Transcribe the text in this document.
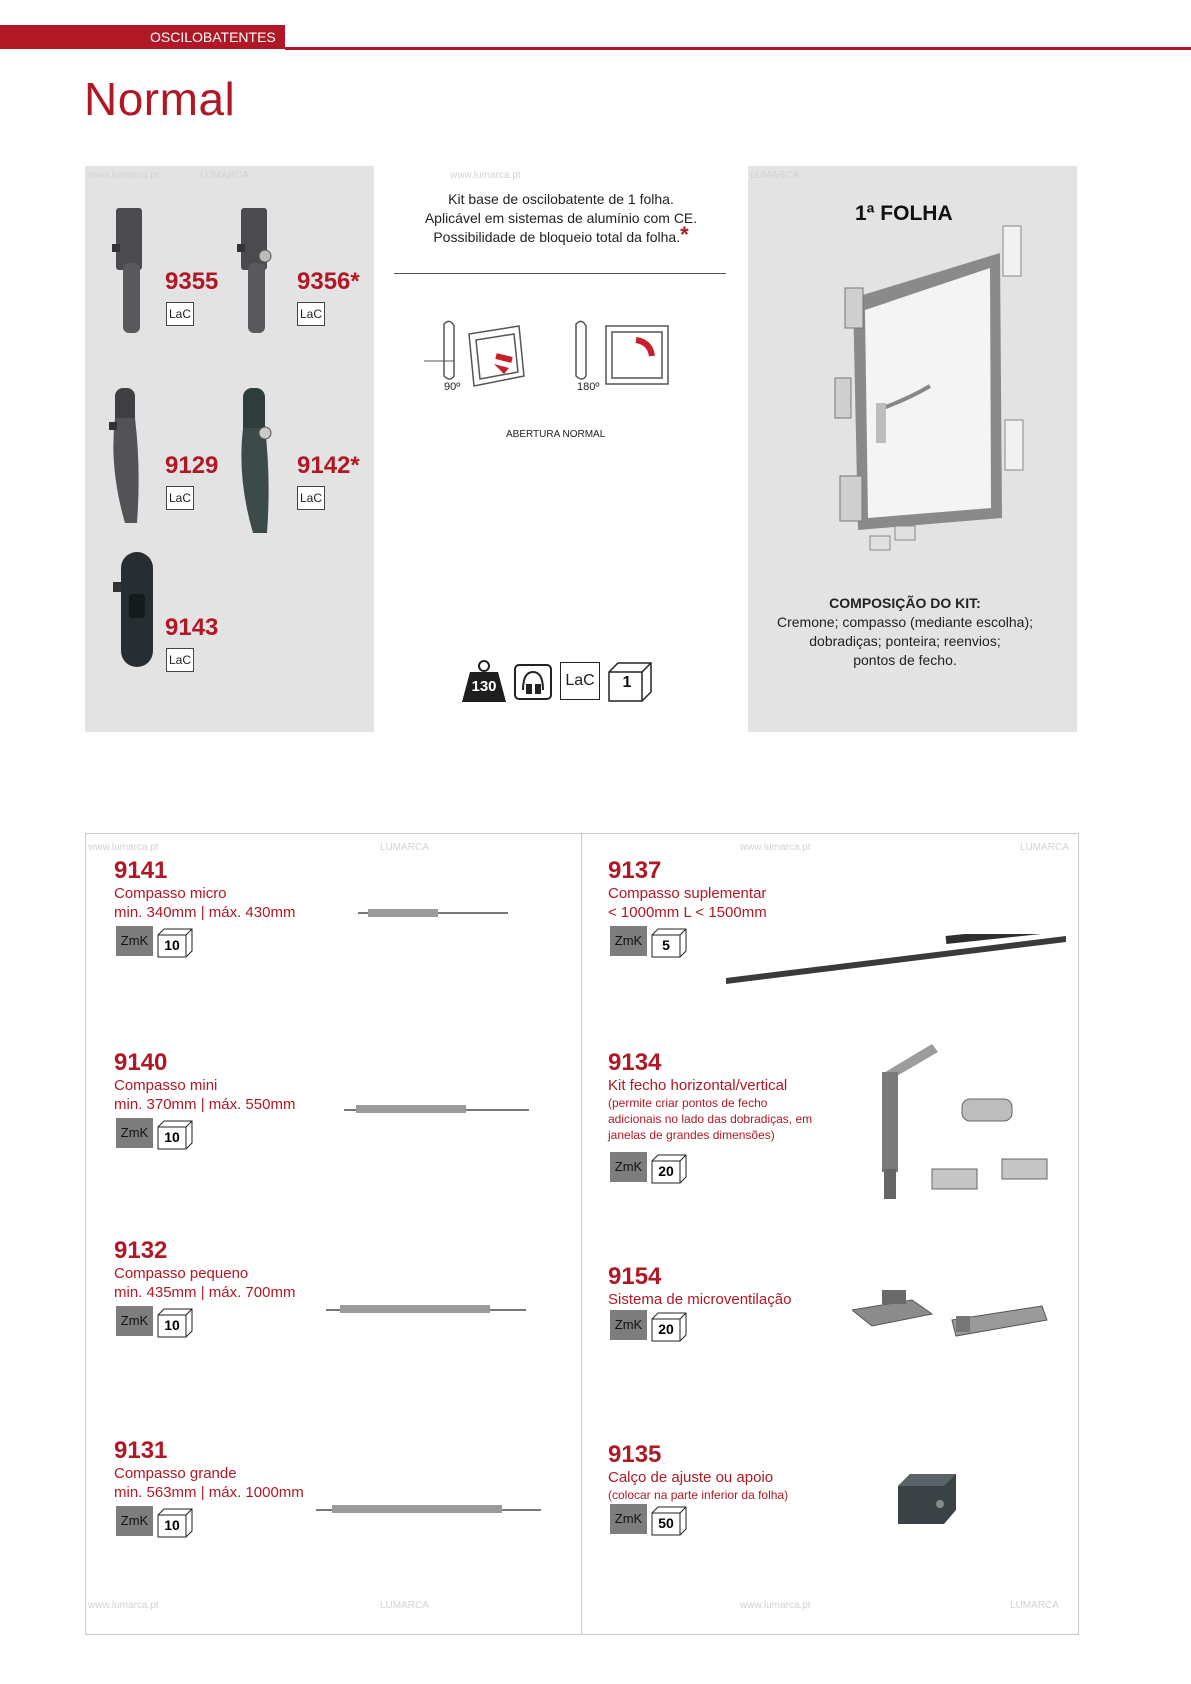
OSCILOBATENTES
Normal
9355
LaC
9356*
LaC
9129
LaC
9142*
LaC
9143
LaC
Kit base de oscilobatente de 1 folha.
Aplicável em sistemas de alumínio com CE.
Possibilidade de bloqueio total da folha.*
90º	180º
ABERTURA NORMAL
130	LaC	1
1ª FOLHA
COMPOSIÇÃO DO KIT:
Cremone; compasso (mediante escolha);
dobradiças; ponteira; reenvios;
pontos de fecho.
9141
Compasso micro
min. 340mm | máx. 430mm
ZmK	10
9140
Compasso mini
min. 370mm | máx. 550mm
ZmK	10
9132
Compasso pequeno
min. 435mm | máx. 700mm
ZmK	10
9131
Compasso grande
min. 563mm | máx. 1000mm
ZmK	10
9137
Compasso suplementar
< 1000mm L < 1500mm
ZmK	5
9134
Kit fecho horizontal/vertical
(permite criar pontos de fecho
adicionais no lado das dobradiças, em
janelas de grandes dimensões)
ZmK	20
9154
Sistema de microventilação
ZmK	20
9135
Calço de ajuste ou apoio
(colocar na parte inferior da folha)
ZmK	50
www.lumarca.pt	LUMARCA	www.lumarca.pt	LUMARCA
www.lumarca.pt	LUMARCA	www.lumarca.pt	LUMARCA
www.lumarca.pt	LUMARCA	www.lumarca.pt	LUMARCA
